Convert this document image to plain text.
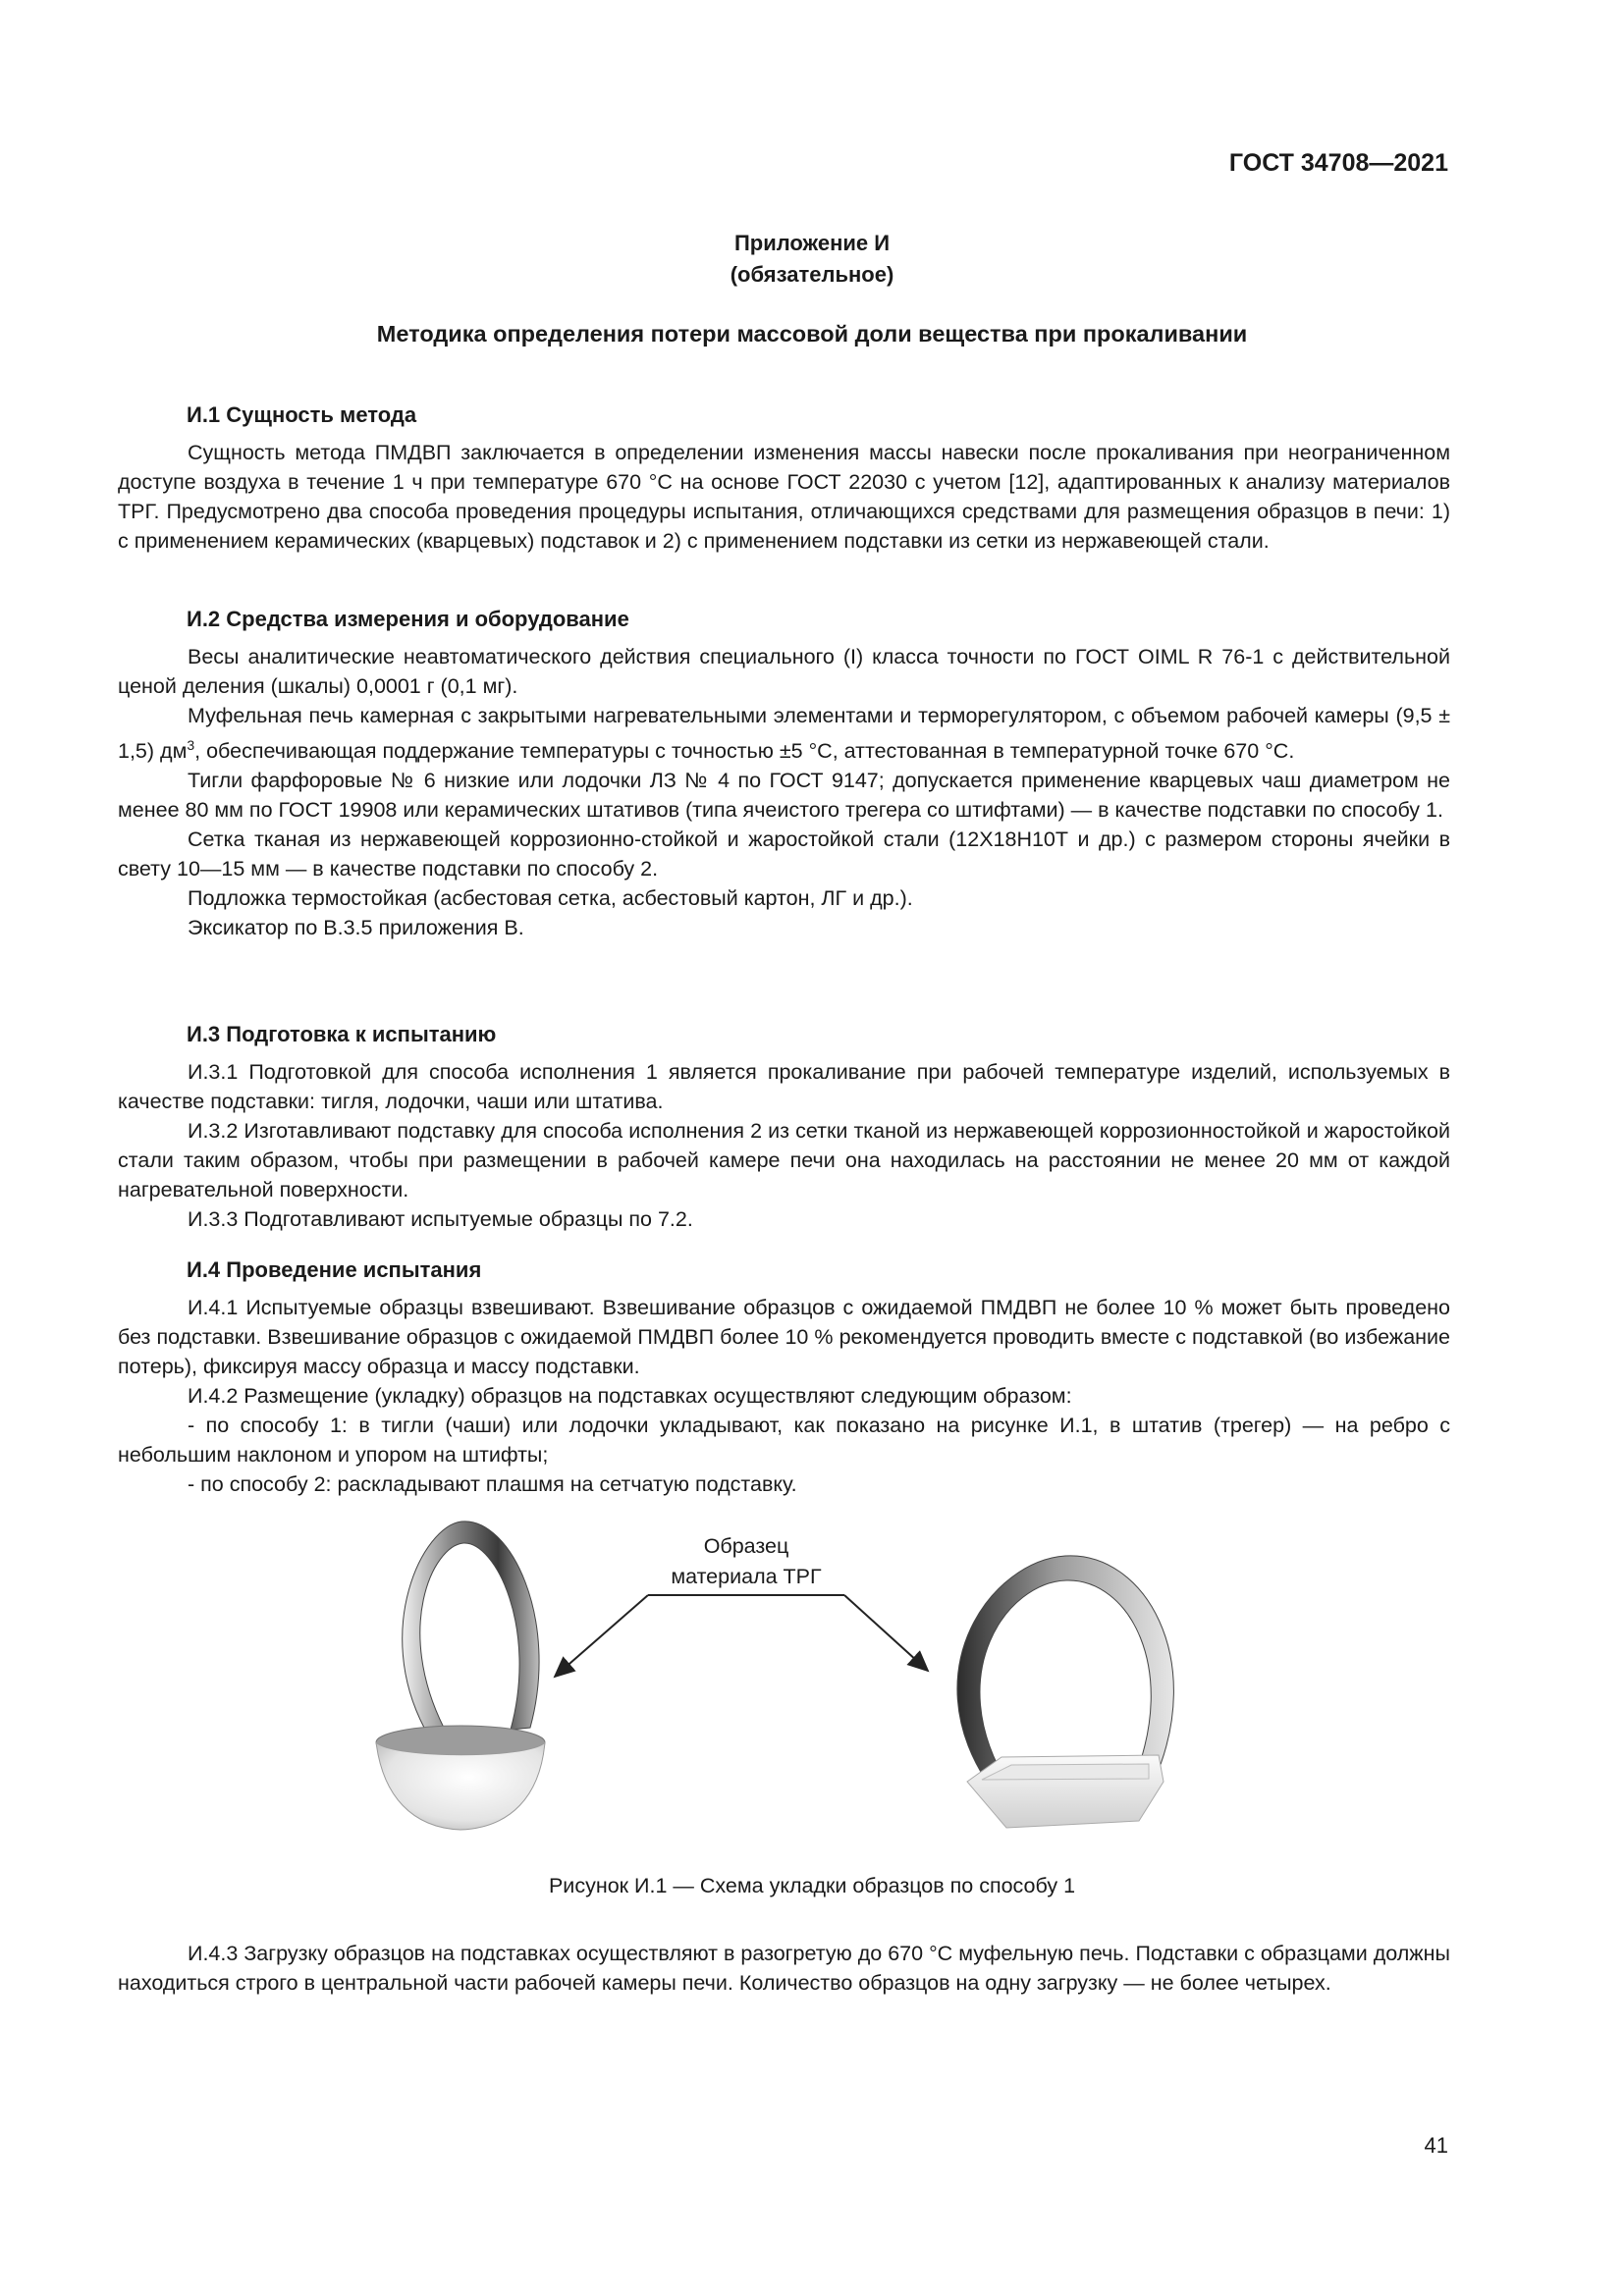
ГОСТ 34708—2021
Приложение И
(обязательное)
Методика определения потери массовой доли вещества при прокаливании
И.1 Сущность метода

Сущность метода ПМДВП заключается в определении изменения массы навески после прокаливания при неограниченном доступе воздуха в течение 1 ч при температуре 670 °С на основе ГОСТ 22030 с учетом [12], адаптированных к анализу материалов ТРГ. Предусмотрено два способа проведения процедуры испытания, отличающихся средствами для размещения образцов в печи: 1) с применением керамических (кварцевых) подставок и 2) с применением подставки из сетки из нержавеющей стали.

И.2 Средства измерения и оборудование

Весы аналитические неавтоматического действия специального (I) класса точности по ГОСТ OIML R 76-1 с действительной ценой деления (шкалы) 0,0001 г (0,1 мг).

Муфельная печь камерная с закрытыми нагревательными элементами и терморегулятором, с объемом рабочей камеры (9,5 ± 1,5) $дм^3$, обеспечивающая поддержание температуры с точностью ±5 °С, аттестованная в температурной точке 670 °С.

Тигли фарфоровые № 6 низкие или лодочки ЛЗ № 4 по ГОСТ 9147; допускается применение кварцевых чаш диаметром не менее 80 мм по ГОСТ 19908 или керамических штативов (типа ячеистого трегера со штифтами) — в качестве подставки по способу 1.

Сетка тканая из нержавеющей коррозионно-стойкой и жаростойкой стали (12Х18Н10Т и др.) с размером стороны ячейки в свету 10—15 мм — в качестве подставки по способу 2.

Подложка термостойкая (асбестовая сетка, асбестовый картон, ЛГ и др.).

Эксикатор по В.3.5 приложения В.

И.3 Подготовка к испытанию

И.3.1 Подготовкой для способа исполнения 1 является прокаливание при рабочей температуре изделий, используемых в качестве подставки: тигля, лодочки, чаши или штатива.

И.3.2 Изготавливают подставку для способа исполнения 2 из сетки тканой из нержавеющей коррозионностойкой и жаростойкой стали таким образом, чтобы при размещении в рабочей камере печи она находилась на расстоянии не менее 20 мм от каждой нагревательной поверхности.

И.3.3 Подготавливают испытуемые образцы по 7.2.

И.4 Проведение испытания

И.4.1 Испытуемые образцы взвешивают. Взвешивание образцов с ожидаемой ПМДВП не более 10 % может быть проведено без подставки. Взвешивание образцов с ожидаемой ПМДВП более 10 % рекомендуется проводить вместе с подставкой (во избежание потерь), фиксируя массу образца и массу подставки.

И.4.2 Размещение (укладку) образцов на подставках осуществляют следующим образом:

- по способу 1: в тигли (чаши) или лодочки укладывают, как показано на рисунке И.1, в штатив (трегер) — на ребро с небольшим наклоном и упором на штифты;

- по способу 2: раскладывают плашмя на сетчатую подставку.

Образец
материала ТРГ
Рисунок И.1 — Схема укладки образцов по способу 1

И.4.3 Загрузку образцов на подставках осуществляют в разогретую до 670 °С муфельную печь. Подставки с образцами должны находиться строго в центральной части рабочей камеры печи. Количество образцов на одну загрузку — не более четырех.

41
